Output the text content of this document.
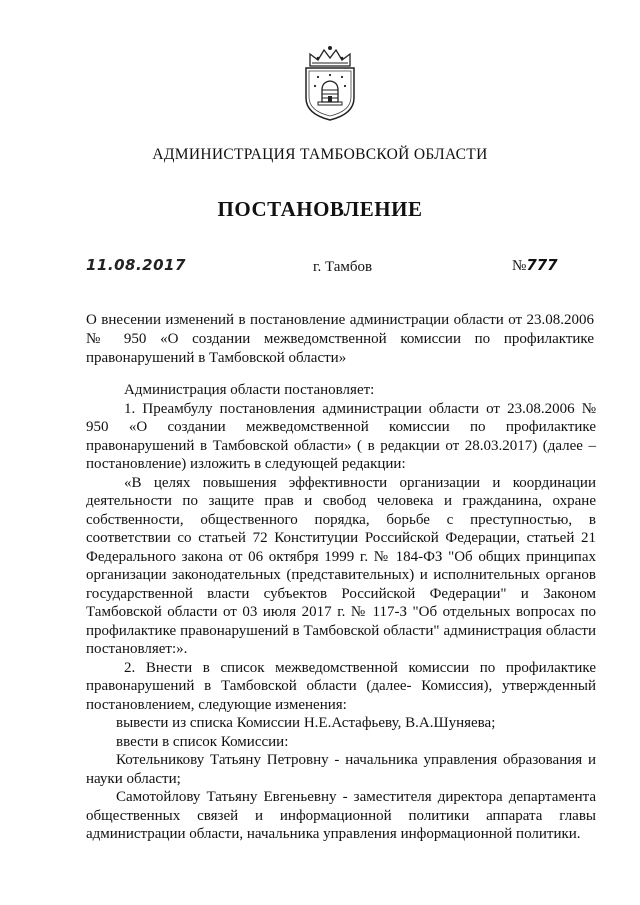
АДМИНИСТРАЦИЯ ТАМБОВСКОЙ ОБЛАСТИ
ПОСТАНОВЛЕНИЕ
11.08.2017	г. Тамбов	№777
О внесении изменений в постановление администрации области от 23.08.2006 № 950 «О создании межведомственной комиссии по профилактике правонарушений в Тамбовской области»

Администрация области постановляет:

1. Преамбулу постановления администрации области от 23.08.2006 № 950 «О создании межведомственной комиссии по профилактике правонарушений в Тамбовской области» ( в редакции от 28.03.2017) (далее – постановление) изложить в следующей редакции:

«В целях повышения эффективности организации и координации деятельности по защите прав и свобод человека и гражданина, охране собственности, общественного порядка, борьбе с преступностью, в соответствии со статьей 72 Конституции Российской Федерации, статьей 21 Федерального закона от 06 октября 1999 г. № 184-ФЗ "Об общих принципах организации законодательных (представительных) и исполнительных органов государственной власти субъектов Российской Федерации" и Законом Тамбовской области от 03 июля 2017 г. № 117-З "Об отдельных вопросах по профилактике правонарушений в Тамбовской области" администрация области постановляет:».

2. Внести в список межведомственной комиссии по профилактике правонарушений в Тамбовской области (далее- Комиссия), утвержденный постановлением, следующие изменения:

вывести из списка Комиссии Н.Е.Астафьеву, В.А.Шуняева;

ввести в список Комиссии:

Котельникову Татьяну Петровну - начальника управления образования и науки области;

Самотойлову Татьяну Евгеньевну - заместителя директора департамента общественных связей и информационной политики аппарата главы администрации области, начальника управления информационной политики.
